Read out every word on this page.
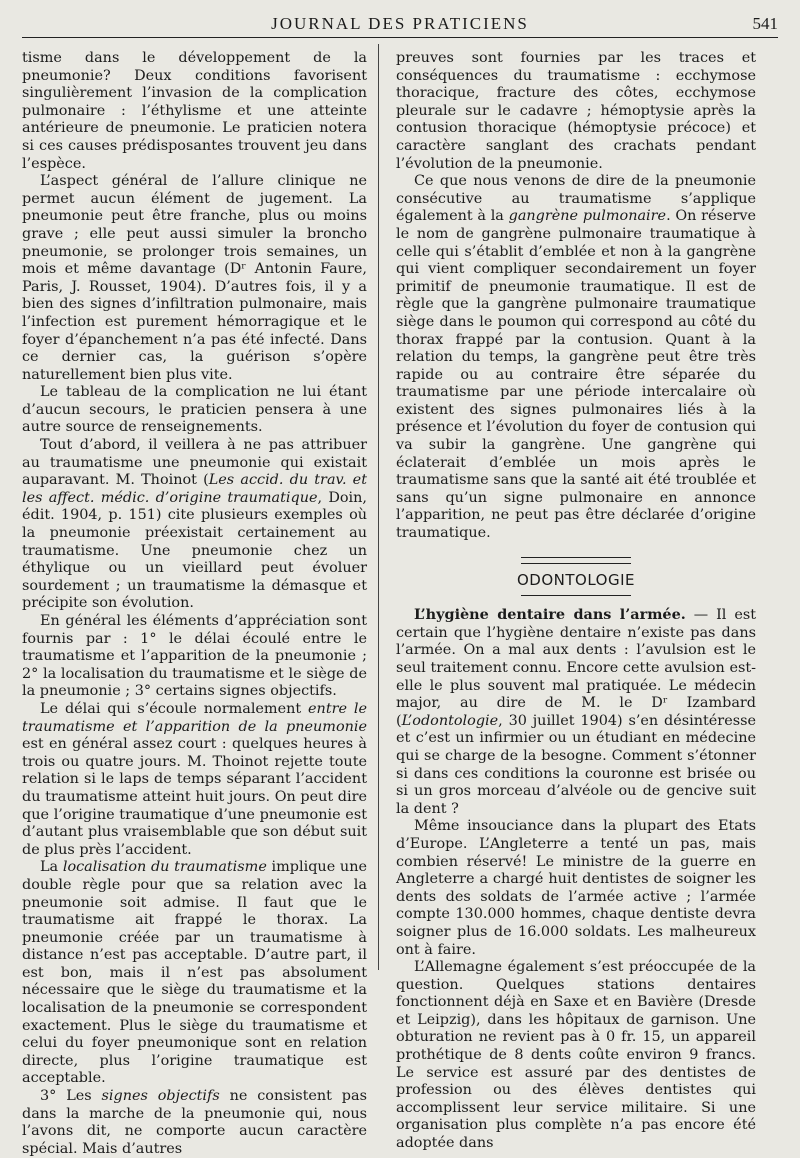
JOURNAL DES PRATICIENS	541

tisme dans le développement de la pneumonie? Deux conditions favorisent singulièrement l’invasion de la complication pulmonaire : l’éthylisme et une atteinte antérieure de pneumonie. Le praticien notera si ces causes prédisposantes trouvent jeu dans l’espèce.

L’aspect général de l’allure clinique ne permet aucun élément de jugement. La pneumonie peut être franche, plus ou moins grave ; elle peut aussi simuler la broncho pneumonie, se prolonger trois semaines, un mois et même davantage (Dʳ Antonin Faure, Paris, J. Rousset, 1904). D’autres fois, il y a bien des signes d’infiltration pulmonaire, mais l’infection est purement hémorragique et le foyer d’épanchement n’a pas été infecté. Dans ce dernier cas, la guérison s’opère naturellement bien plus vite.

Le tableau de la complication ne lui étant d’aucun secours, le praticien pensera à une autre source de renseignements.

Tout d’abord, il veillera à ne pas attribuer au traumatisme une pneumonie qui existait auparavant. M. Thoinot (Les accid. du trav. et les affect. médic. d’origine traumatique, Doin, édit. 1904, p. 151) cite plusieurs exemples où la pneumonie préexistait certainement au traumatisme. Une pneumonie chez un éthylique ou un vieillard peut évoluer sourdement ; un traumatisme la démasque et précipite son évolution.

En général les éléments d’appréciation sont fournis par : 1° le délai écoulé entre le traumatisme et l’apparition de la pneumonie ; 2° la localisation du traumatisme et le siège de la pneumonie ; 3° certains signes objectifs.

Le délai qui s’écoule normalement entre le traumatisme et l’apparition de la pneumonie est en général assez court : quelques heures à trois ou quatre jours. M. Thoinot rejette toute relation si le laps de temps séparant l’accident du traumatisme atteint huit jours. On peut dire que l’origine traumatique d’une pneumonie est d’autant plus vraisemblable que son début suit de plus près l’accident.

La localisation du traumatisme implique une double règle pour que sa relation avec la pneumonie soit admise. Il faut que le traumatisme ait frappé le thorax. La pneumonie créée par un traumatisme à distance n’est pas acceptable. D’autre part, il est bon, mais il n’est pas absolument nécessaire que le siège du traumatisme et la localisation de la pneumonie se correspondent exactement. Plus le siège du traumatisme et celui du foyer pneumonique sont en relation directe, plus l’origine traumatique est acceptable.

3° Les signes objectifs ne consistent pas dans la marche de la pneumonie qui, nous l’avons dit, ne comporte aucun caractère spécial. Mais d’autres

preuves sont fournies par les traces et conséquences du traumatisme : ecchymose thoracique, fracture des côtes, ecchymose pleurale sur le cadavre ; hémoptysie après la contusion thoracique (hémoptysie précoce) et caractère sanglant des crachats pendant l’évolution de la pneumonie.

Ce que nous venons de dire de la pneumonie consécutive au traumatisme s’applique également à la gangrène pulmonaire. On réserve le nom de gangrène pulmonaire traumatique à celle qui s’établit d’emblée et non à la gangrène qui vient compliquer secondairement un foyer primitif de pneumonie traumatique. Il est de règle que la gangrène pulmonaire traumatique siège dans le poumon qui correspond au côté du thorax frappé par la contusion. Quant à la relation du temps, la gangrène peut être très rapide ou au contraire être séparée du traumatisme par une période intercalaire où existent des signes pulmonaires liés à la présence et l’évolution du foyer de contusion qui va subir la gangrène. Une gangrène qui éclaterait d’emblée un mois après le traumatisme sans que la santé ait été troublée et sans qu’un signe pulmonaire en annonce l’apparition, ne peut pas être déclarée d’origine traumatique.

ODONTOLOGIE

L’hygiène dentaire dans l’armée. — Il est certain que l’hygiène dentaire n’existe pas dans l’armée. On a mal aux dents : l’avulsion est le seul traitement connu. Encore cette avulsion est-elle le plus souvent mal pratiquée. Le médecin major, au dire de M. le Dʳ Izambard (L’odontologie, 30 juillet 1904) s’en désintéresse et c’est un infirmier ou un étudiant en médecine qui se charge de la besogne. Comment s’étonner si dans ces conditions la couronne est brisée ou si un gros morceau d’alvéole ou de gencive suit la dent ?

Même insouciance dans la plupart des Etats d’Europe. L’Angleterre a tenté un pas, mais combien réservé! Le ministre de la guerre en Angleterre a chargé huit dentistes de soigner les dents des soldats de l’armée active ; l’armée compte 130.000 hommes, chaque dentiste devra soigner plus de 16.000 soldats. Les malheureux ont à faire.

L’Allemagne également s’est préoccupée de la question. Quelques stations dentaires fonctionnent déjà en Saxe et en Bavière (Dresde et Leipzig), dans les hôpitaux de garnison. Une obturation ne revient pas à 0 fr. 15, un appareil prothétique de 8 dents coûte environ 9 francs. Le service est assuré par des dentistes de profession ou des élèves dentistes qui accomplissent leur service militaire. Si une organisation plus complète n’a pas encore été adoptée dans
